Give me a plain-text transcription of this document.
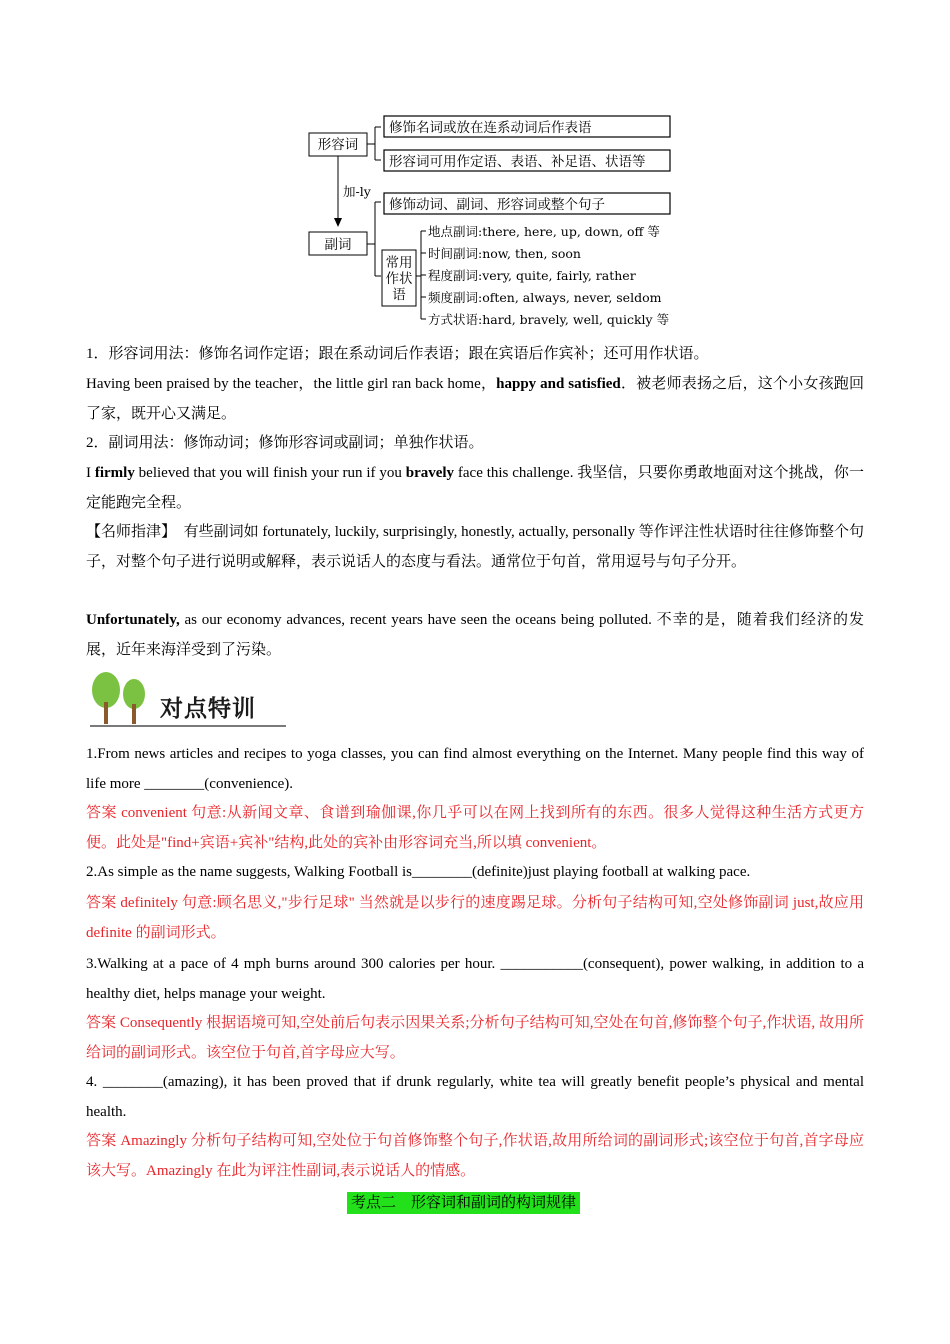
形容词
修饰名词或放在连系动词后作表语
形容词可用作定语、表语、补足语、状语等
加-ly
副词
修饰动词、副词、形容词或整个句子
常用
作状
语
地点副词:there, here, up, down, off 等
时间副词:now, then, soon
程度副词:very, quite, fairly, rather
频度副词:often, always, never, seldom
方式状语:hard, bravely, well, quickly 等
1．形容词用法：修饰名词作定语；跟在系动词后作表语；跟在宾语后作宾补；还可用作状语。
Having been praised by the teacher，the little girl ran back home，happy and satisfied．被老师表扬之后，这个小女孩跑回了家，既开心又满足。
2．副词用法：修饰动词；修饰形容词或副词；单独作状语。
I firmly believed that you will finish your run if you bravely face this challenge. 我坚信，只要你勇敢地面对这个挑战，你一定能跑完全程。
【名师指津】　有些副词如 fortunately, luckily, surprisingly, honestly, actually, personally 等作评注性状语时往往修饰整个句子，对整个句子进行说明或解释，表示说话人的态度与看法。通常位于句首，常用逗号与句子分开。
Unfortunately, as our economy advances, recent years have seen the oceans being polluted. 不幸的是，随着我们经济的发展，近年来海洋受到了污染。
对点特训
1.From news articles and recipes to yoga classes, you can find almost everything on the Internet. Many people find this way of life more ________(convenience).
答案 convenient 句意:从新闻文章、食谱到瑜伽课,你几乎可以在网上找到所有的东西。很多人觉得这种生活方式更方便。此处是"find+宾语+宾补"结构,此处的宾补由形容词充当,所以填 convenient。
2.As simple as the name suggests, Walking Football is________(definite)just playing football at walking pace.
答案 definitely 句意:顾名思义,"步行足球" 当然就是以步行的速度踢足球。分析句子结构可知,空处修饰副词 just,故应用 definite 的副词形式。
3.Walking at a pace of 4 mph burns around 300 calories per hour. ___________(consequent), power walking, in addition to a healthy diet, helps manage your weight.
答案 Consequently 根据语境可知,空处前后句表示因果关系;分析句子结构可知,空处在句首,修饰整个句子,作状语, 故用所给词的副词形式。该空位于句首,首字母应大写。
4. ________(amazing), it has been proved that if drunk regularly, white tea will greatly benefit people’s physical and mental health.
答案 Amazingly 分析句子结构可知,空处位于句首修饰整个句子,作状语,故用所给词的副词形式;该空位于句首,首字母应该大写。Amazingly 在此为评注性副词,表示说话人的情感。
考点二　形容词和副词的构词规律
